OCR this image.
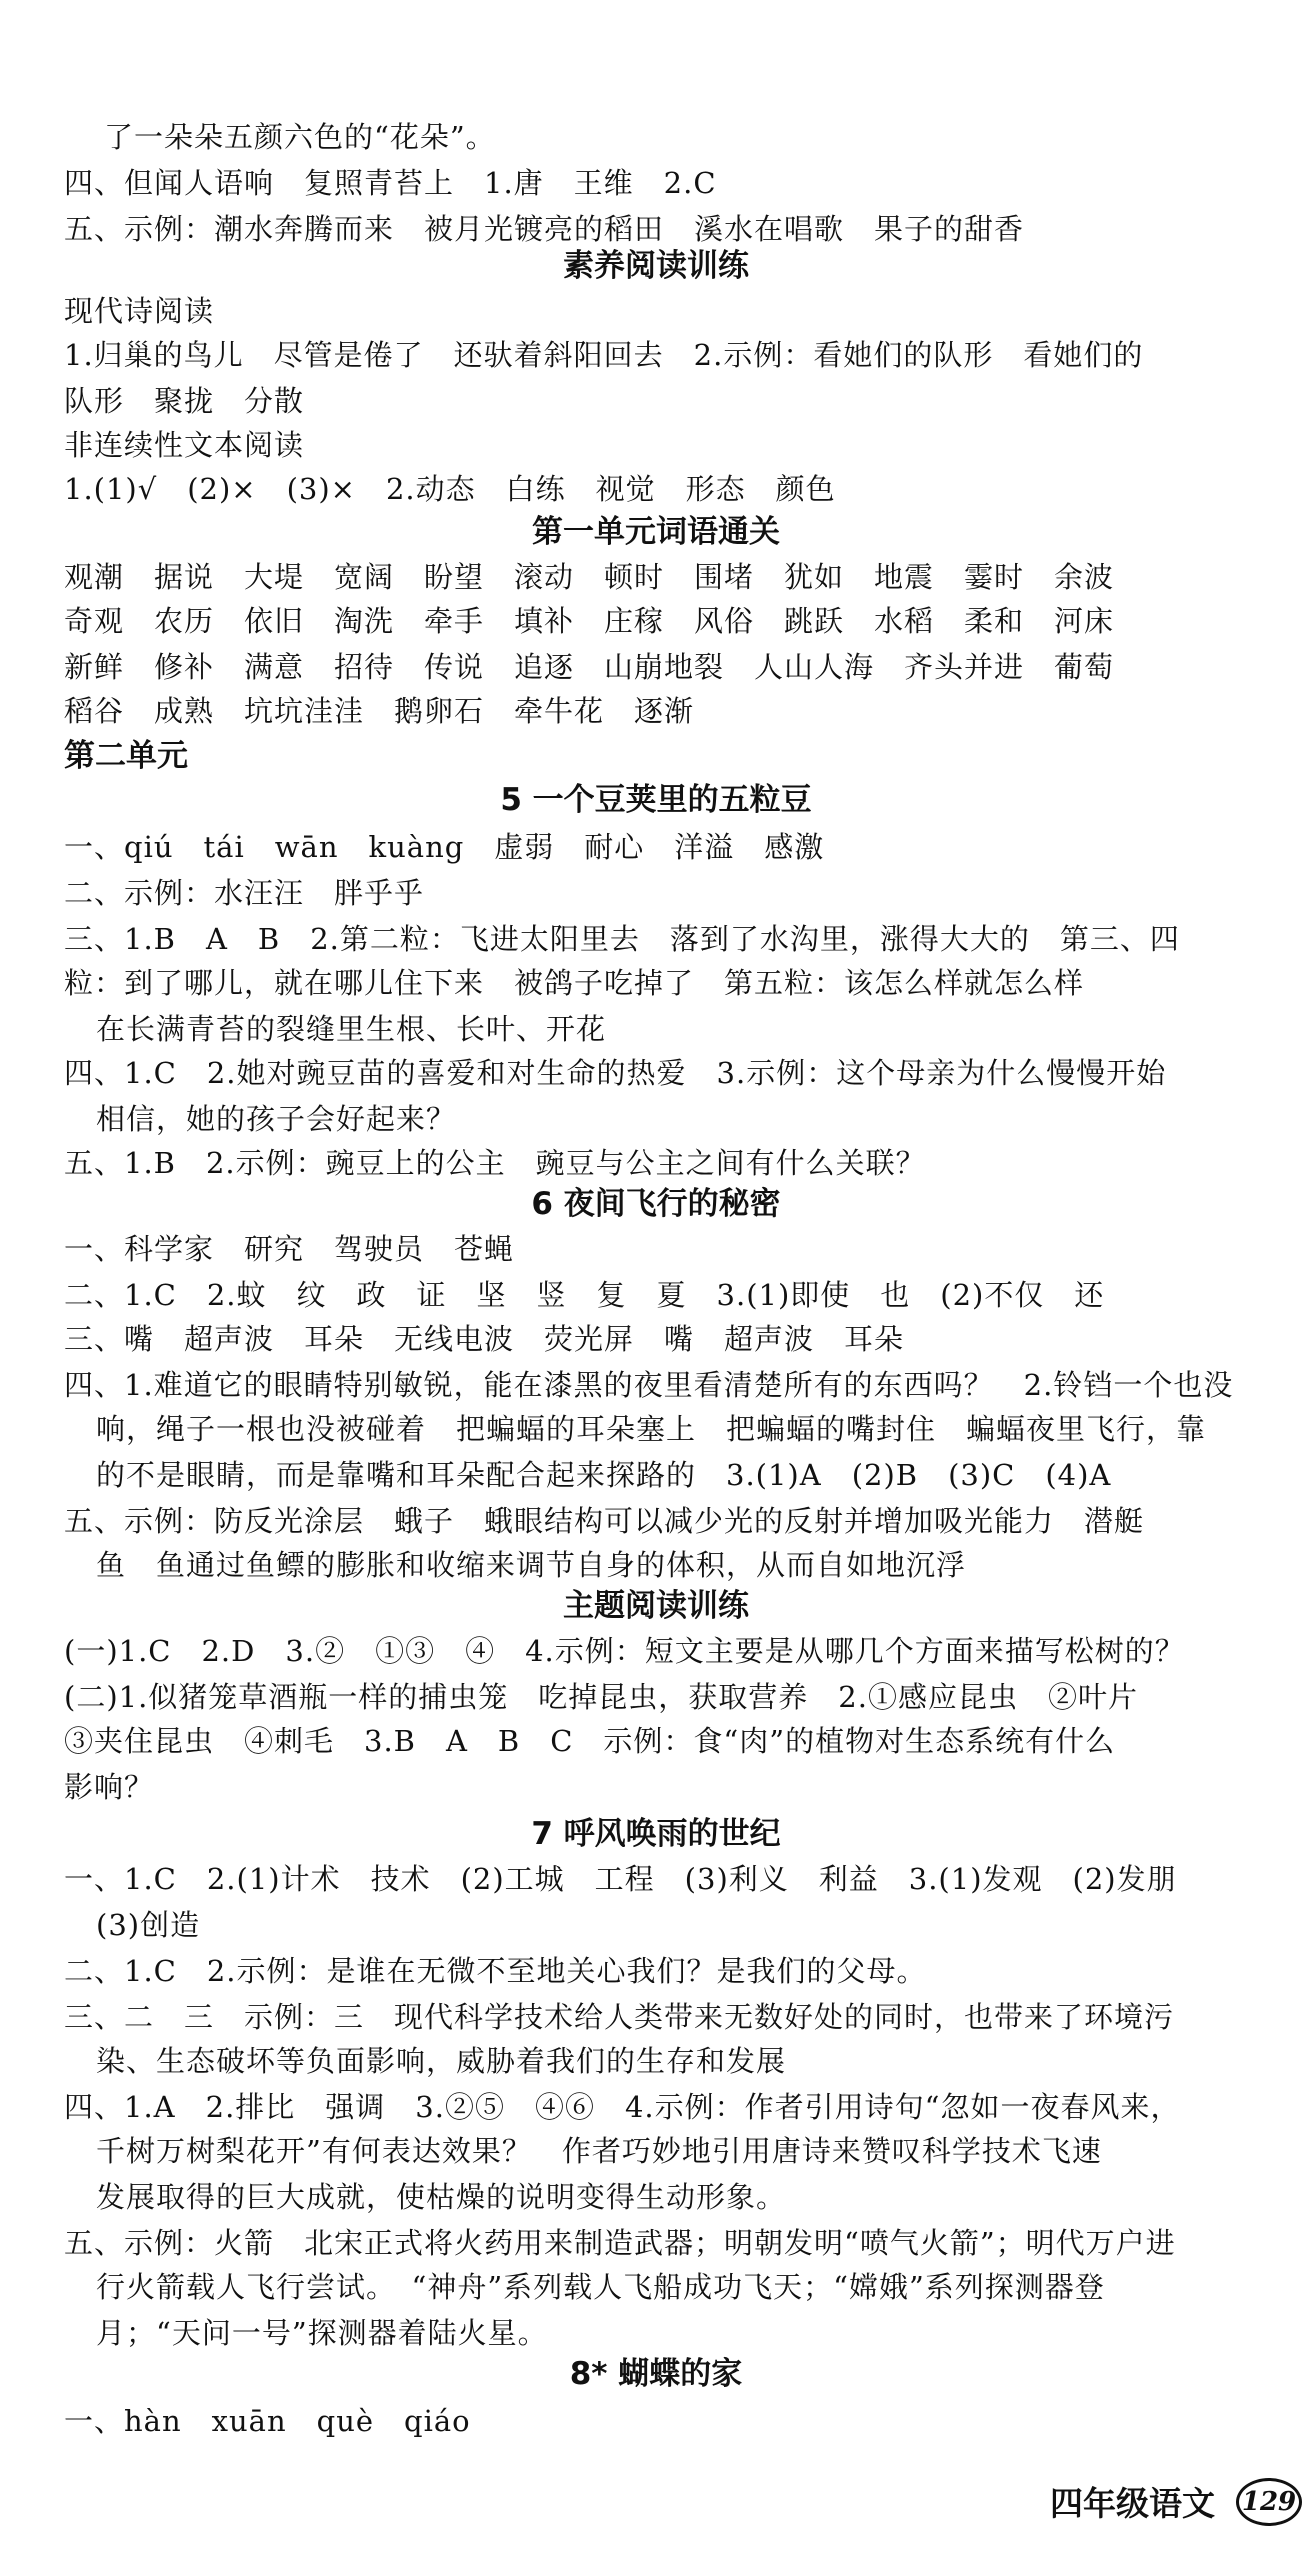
了一朵朵五颜六色的“花朵”。
四、但闻人语响　复照青苔上　1.唐　王维　2.C
五、示例：潮水奔腾而来　被月光镀亮的稻田　溪水在唱歌　果子的甜香
素养阅读训练
现代诗阅读
1.归巢的鸟儿　尽管是倦了　还驮着斜阳回去　2.示例：看她们的队形　看她们的
队形　聚拢　分散
非连续性文本阅读
1.(1)√　(2)×　(3)×　2.动态　白练　视觉　形态　颜色
第一单元词语通关
观潮　据说　大堤　宽阔　盼望　滚动　顿时　围堵　犹如　地震　霎时　余波
奇观　农历　依旧　淘洗　牵手　填补　庄稼　风俗　跳跃　水稻　柔和　河床
新鲜　修补　满意　招待　传说　追逐　山崩地裂　人山人海　齐头并进　葡萄
稻谷　成熟　坑坑洼洼　鹅卵石　牵牛花　逐渐
第二单元
5 一个豆荚里的五粒豆
一、qiú　tái　wān　kuàng　虚弱　耐心　洋溢　感激
二、示例：水汪汪　胖乎乎
三、1.B　A　B　2.第二粒：飞进太阳里去　落到了水沟里，涨得大大的　第三、四
粒：到了哪儿，就在哪儿住下来　被鸽子吃掉了　第五粒：该怎么样就怎么样
在长满青苔的裂缝里生根、长叶、开花
四、1.C　2.她对豌豆苗的喜爱和对生命的热爱　3.示例：这个母亲为什么慢慢开始
相信，她的孩子会好起来？
五、1.B　2.示例：豌豆上的公主　豌豆与公主之间有什么关联？
6 夜间飞行的秘密
一、科学家　研究　驾驶员　苍蝇
二、1.C　2.蚊　纹　政　证　坚　竖　复　夏　3.(1)即使　也　(2)不仅　还
三、嘴　超声波　耳朵　无线电波　荧光屏　嘴　超声波　耳朵
四、1.难道它的眼睛特别敏锐，能在漆黑的夜里看清楚所有的东西吗？　2.铃铛一个也没
响，绳子一根也没被碰着　把蝙蝠的耳朵塞上　把蝙蝠的嘴封住　蝙蝠夜里飞行，靠
的不是眼睛，而是靠嘴和耳朵配合起来探路的　3.(1)A　(2)B　(3)C　(4)A
五、示例：防反光涂层　蛾子　蛾眼结构可以减少光的反射并增加吸光能力　潜艇
鱼　鱼通过鱼鳔的膨胀和收缩来调节自身的体积，从而自如地沉浮
主题阅读训练
(一)1.C　2.D　3.②　①③　④　4.示例：短文主要是从哪几个方面来描写松树的？
(二)1.似猪笼草酒瓶一样的捕虫笼　吃掉昆虫，获取营养　2.①感应昆虫　②叶片
③夹住昆虫　④刺毛　3.B　A　B　C　示例：食“肉”的植物对生态系统有什么
影响？
7 呼风唤雨的世纪
一、1.C　2.(1)计术　技术　(2)工城　工程　(3)利义　利益　3.(1)发观　(2)发朋
(3)创造
二、1.C　2.示例：是谁在无微不至地关心我们？是我们的父母。
三、二　三　示例：三　现代科学技术给人类带来无数好处的同时，也带来了环境污
染、生态破坏等负面影响，威胁着我们的生存和发展
四、1.A　2.排比　强调　3.②⑤　④⑥　4.示例：作者引用诗句“忽如一夜春风来，
千树万树梨花开”有何表达效果？　作者巧妙地引用唐诗来赞叹科学技术飞速
发展取得的巨大成就，使枯燥的说明变得生动形象。
五、示例：火箭　北宋正式将火药用来制造武器；明朝发明“喷气火箭”；明代万户进
行火箭载人飞行尝试。　“神舟”系列载人飞船成功飞天；“嫦娥”系列探测器登
月；“天问一号”探测器着陆火星。
8* 蝴蝶的家
一、hàn　xuān　què　qiáo
四年级语文 129
